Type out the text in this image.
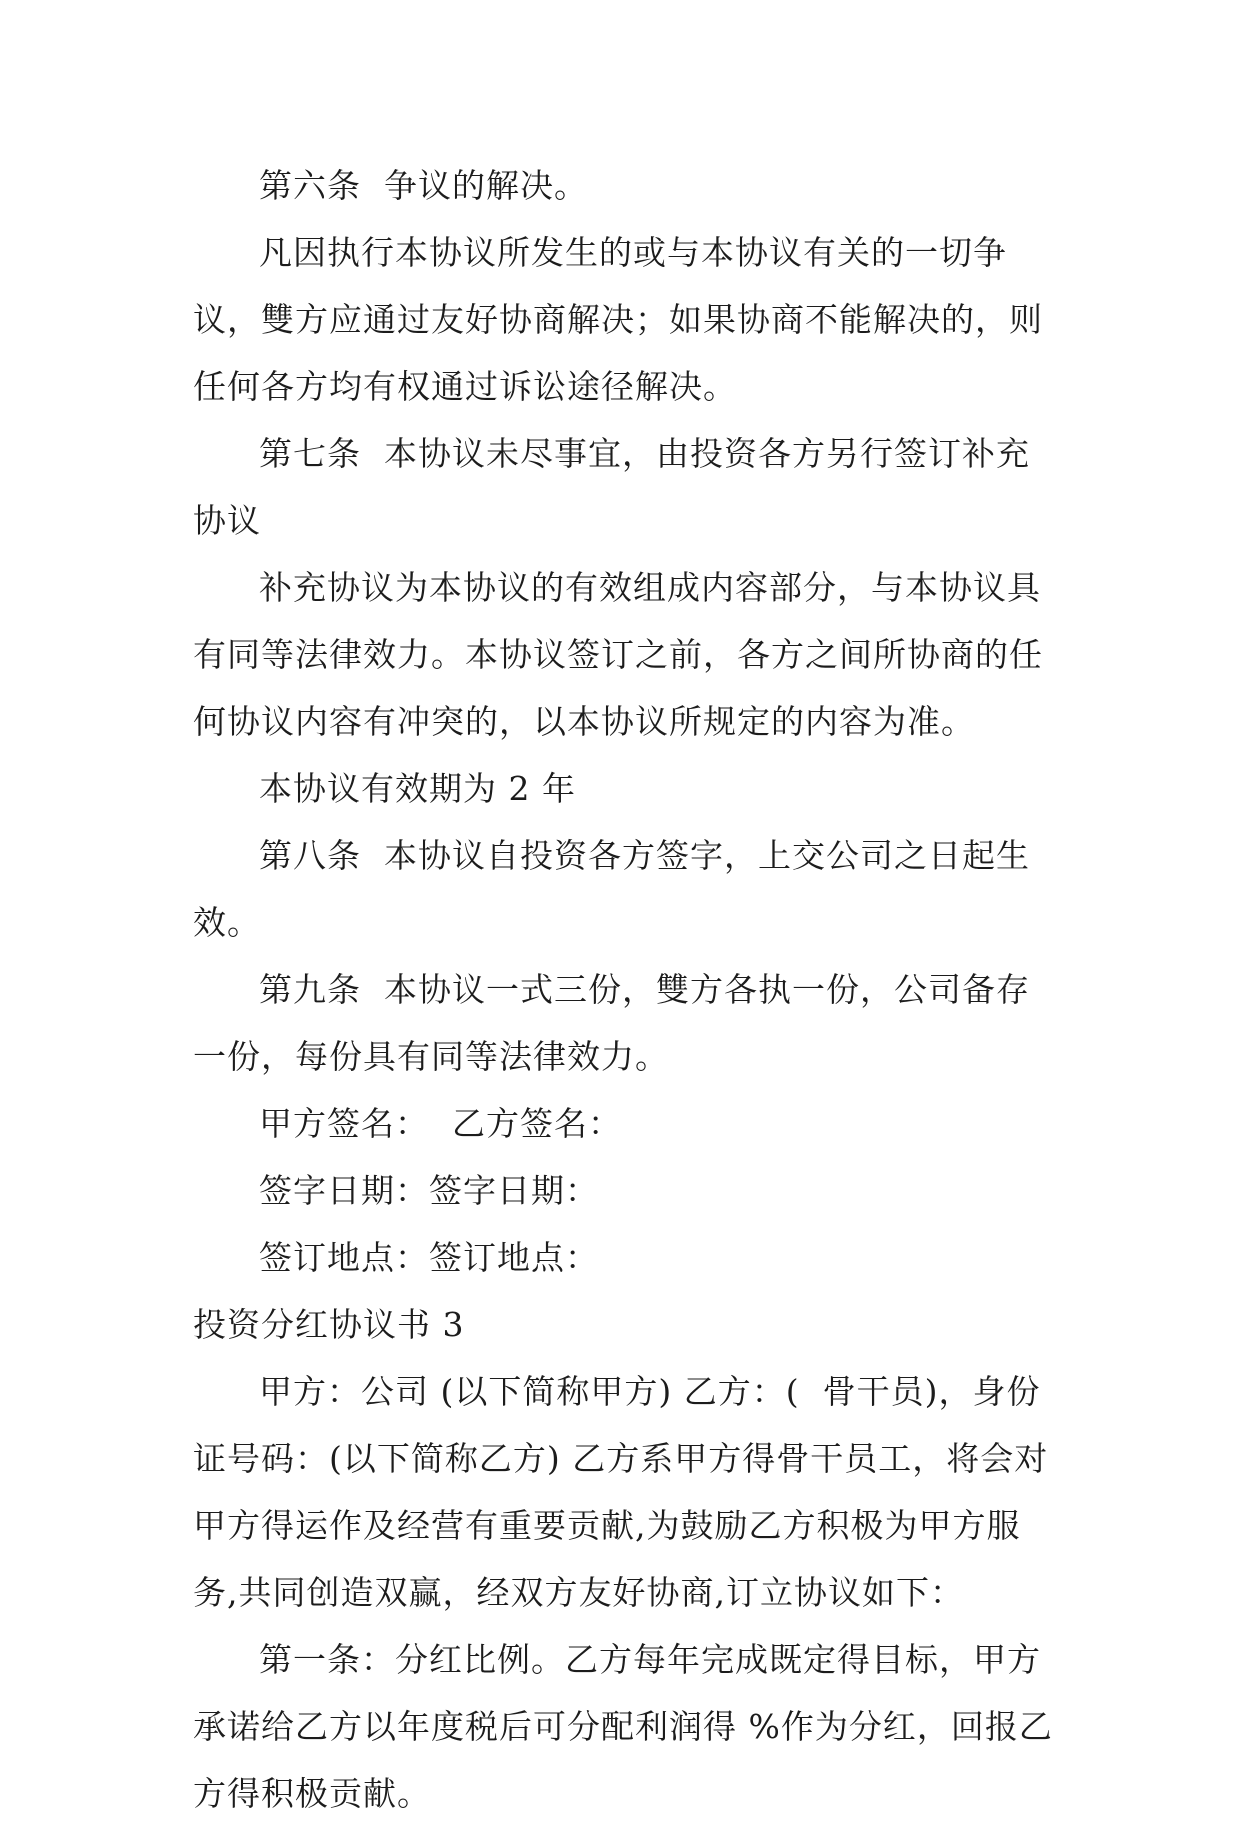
第六条  争议的解决。

凡因执行本协议所发生的或与本协议有关的一切争议，雙方应通过友好协商解决；如果协商不能解决的，则任何各方均有权通过诉讼途径解决。

第七条  本协议未尽事宜，由投资各方另行签订补充协议

补充协议为本协议的有效组成内容部分，与本协议具有同等法律效力。本协议签订之前，各方之间所协商的任何协议内容有冲突的，以本协议所规定的内容为准。

本协议有效期为 2 年

第八条  本协议自投资各方签字，上交公司之日起生效。

第九条  本协议一式三份，雙方各执一份，公司备存一份，每份具有同等法律效力。

甲方签名：  乙方签名：

签字日期：签字日期：

签订地点：签订地点：

投资分红协议书 3

甲方：公司 (以下简称甲方) 乙方：(  骨干员)，身份证号码：(以下简称乙方) 乙方系甲方得骨干员工，将会对甲方得运作及经营有重要贡献,为鼓励乙方积极为甲方服务,共同创造双赢，经双方友好协商,订立协议如下：

第一条：分红比例。乙方每年完成既定得目标，甲方承诺给乙方以年度税后可分配利润得 %作为分红，回报乙方得积极贡献。
